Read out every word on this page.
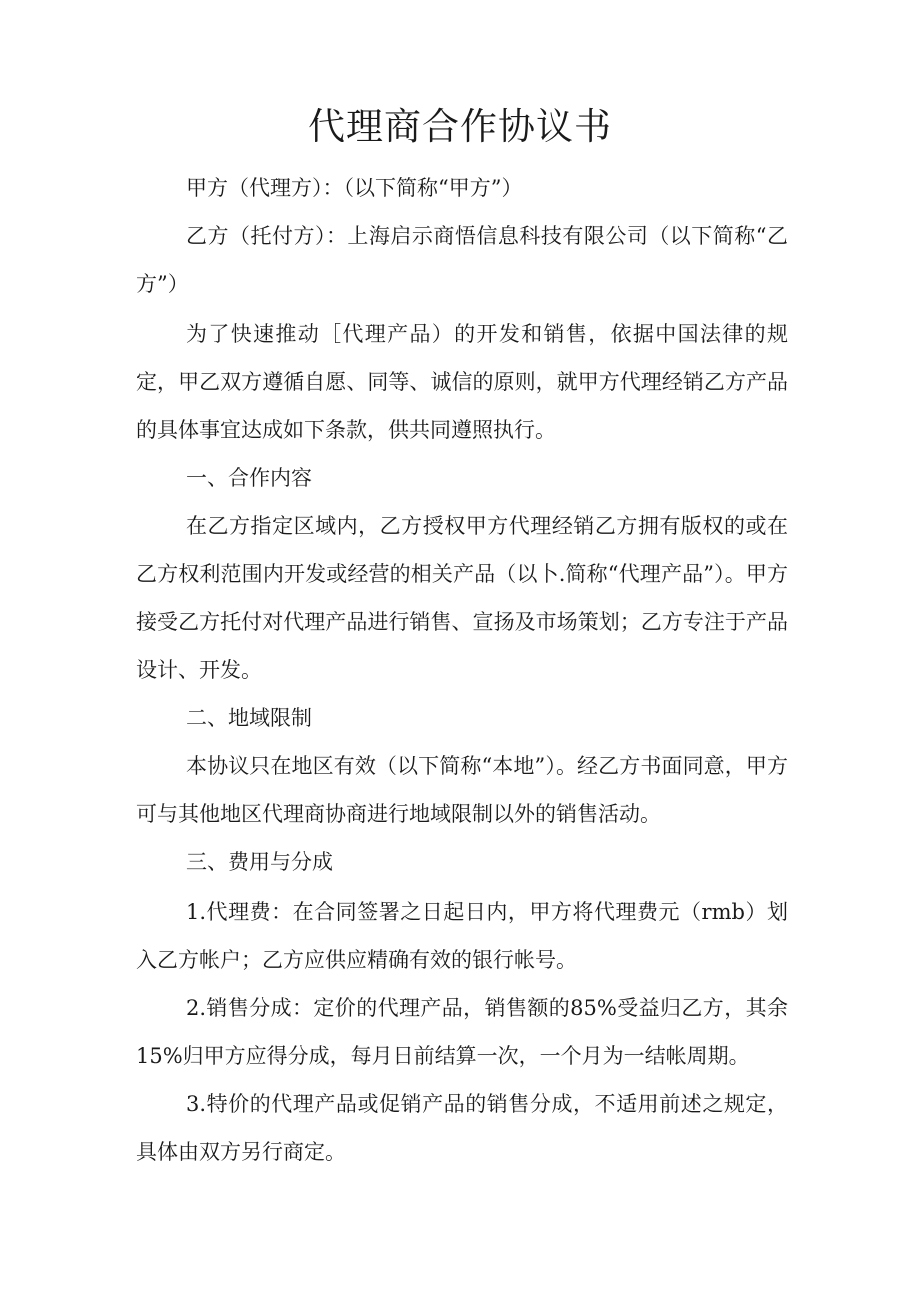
代理商合作协议书

甲方（代理方）：（以下简称“甲方”）

乙方（托付方）：上海启示商悟信息科技有限公司（以下简称“乙方”）

为了快速推动［代理产品）的开发和销售，依据中国法律的规定，甲乙双方遵循自愿、同等、诚信的原则，就甲方代理经销乙方产品的具体事宜达成如下条款，供共同遵照执行。

一、合作内容

在乙方指定区域内，乙方授权甲方代理经销乙方拥有版权的或在乙方权利范围内开发或经营的相关产品（以卜.简称“代理产品”）。甲方接受乙方托付对代理产品进行销售、宣扬及市场策划；乙方专注于产品设计、开发。

二、地域限制

本协议只在地区有效（以下简称“本地”）。经乙方书面同意，甲方可与其他地区代理商协商进行地域限制以外的销售活动。

三、费用与分成

1.代理费：在合同签署之日起日内，甲方将代理费元（rmb）划入乙方帐户；乙方应供应精确有效的银行帐号。

2.销售分成：定价的代理产品，销售额的85%受益归乙方，其余15%归甲方应得分成，每月日前结算一次，一个月为一结帐周期。

3.特价的代理产品或促销产品的销售分成，不适用前述之规定，具体由双方另行商定。
